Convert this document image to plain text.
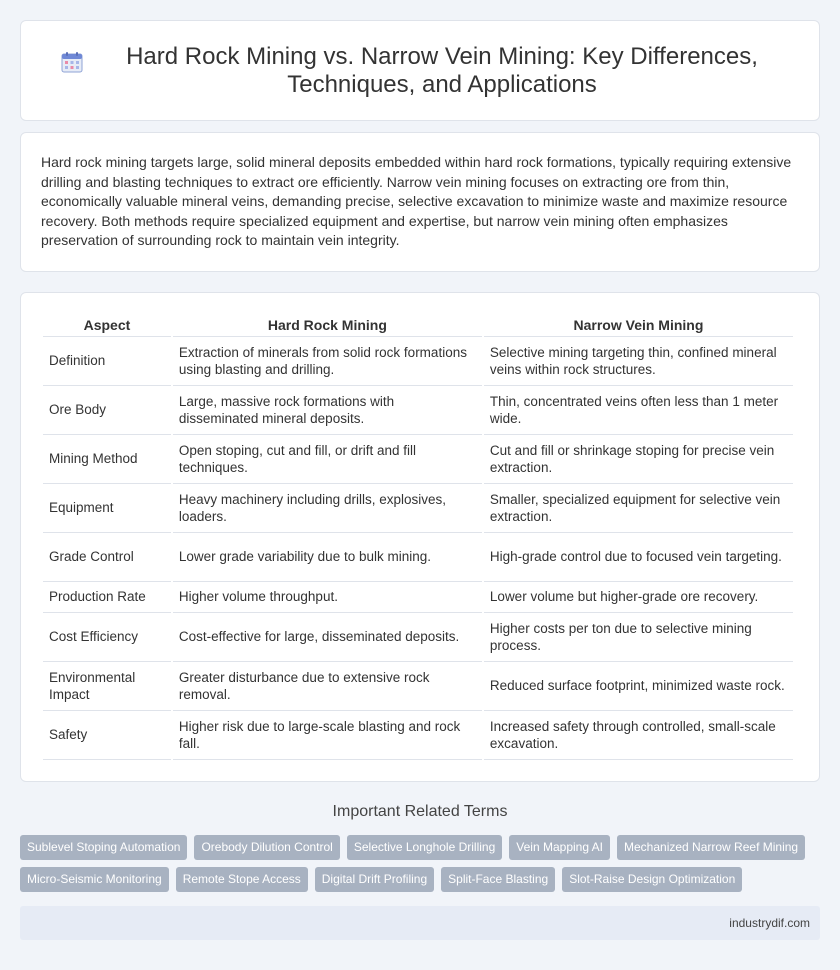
Hard Rock Mining vs. Narrow Vein Mining: Key Differences, Techniques, and Applications

Hard rock mining targets large, solid mineral deposits embedded within hard rock formations, typically requiring extensive drilling and blasting techniques to extract ore efficiently. Narrow vein mining focuses on extracting ore from thin, economically valuable mineral veins, demanding precise, selective excavation to minimize waste and maximize resource recovery. Both methods require specialized equipment and expertise, but narrow vein mining often emphasizes preservation of surrounding rock to maintain vein integrity.

Aspect	Hard Rock Mining	Narrow Vein Mining
Definition	Extraction of minerals from solid rock formations using blasting and drilling.	Selective mining targeting thin, confined mineral veins within rock structures.
Ore Body	Large, massive rock formations with disseminated mineral deposits.	Thin, concentrated veins often less than 1 meter wide.
Mining Method	Open stoping, cut and fill, or drift and fill techniques.	Cut and fill or shrinkage stoping for precise vein extraction.
Equipment	Heavy machinery including drills, explosives, loaders.	Smaller, specialized equipment for selective vein extraction.
Grade Control	Lower grade variability due to bulk mining.	High-grade control due to focused vein targeting.
Production Rate	Higher volume throughput.	Lower volume but higher-grade ore recovery.
Cost Efficiency	Cost-effective for large, disseminated deposits.	Higher costs per ton due to selective mining process.
Environmental Impact	Greater disturbance due to extensive rock removal.	Reduced surface footprint, minimized waste rock.
Safety	Higher risk due to large-scale blasting and rock fall.	Increased safety through controlled, small-scale excavation.
Important Related Terms
Sublevel Stoping Automation	Orebody Dilution Control	Selective Longhole Drilling	Vein Mapping AI	Mechanized Narrow Reef Mining
Micro-Seismic Monitoring	Remote Stope Access	Digital Drift Profiling	Split-Face Blasting	Slot-Raise Design Optimization
industrydif.com
